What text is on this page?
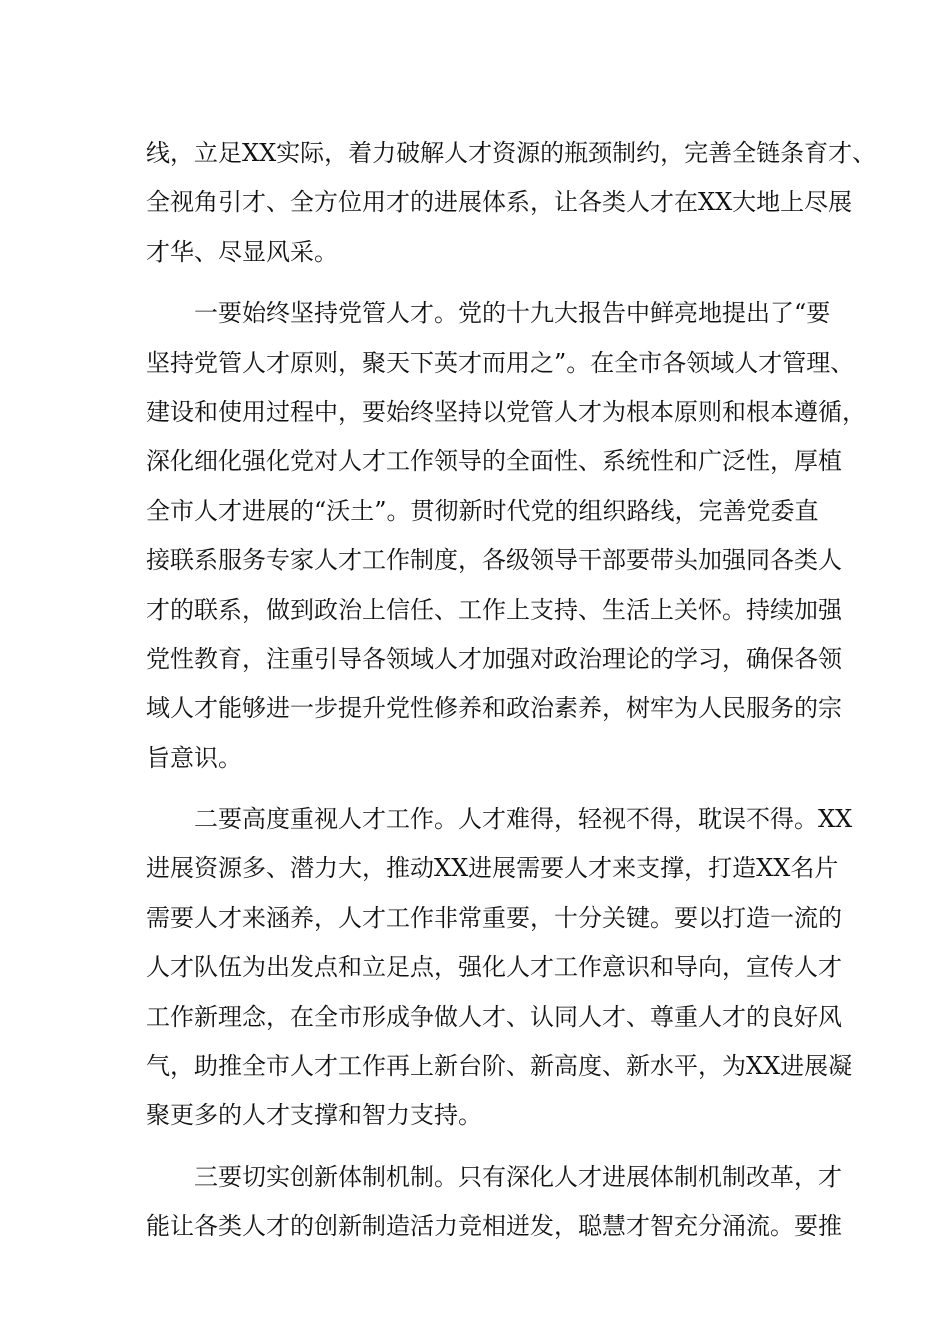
线，立足XX实际，着力破解人才资源的瓶颈制约，完善全链条育才、
全视角引才、全方位用才的进展体系，让各类人才在XX大地上尽展
才华、尽显风采。
一要始终坚持党管人才。党的十九大报告中鲜亮地提出了“要
坚持党管人才原则，聚天下英才而用之”。在全市各领域人才管理、
建设和使用过程中，要始终坚持以党管人才为根本原则和根本遵循，
深化细化强化党对人才工作领导的全面性、系统性和广泛性，厚植
全市人才进展的“沃土”。贯彻新时代党的组织路线，完善党委直
接联系服务专家人才工作制度，各级领导干部要带头加强同各类人
才的联系，做到政治上信任、工作上支持、生活上关怀。持续加强
党性教育，注重引导各领域人才加强对政治理论的学习，确保各领
域人才能够进一步提升党性修养和政治素养，树牢为人民服务的宗
旨意识。
二要高度重视人才工作。人才难得，轻视不得，耽误不得。XX
进展资源多、潜力大，推动XX进展需要人才来支撑，打造XX名片
需要人才来涵养，人才工作非常重要，十分关键。要以打造一流的
人才队伍为出发点和立足点，强化人才工作意识和导向，宣传人才
工作新理念，在全市形成争做人才、认同人才、尊重人才的良好风
气，助推全市人才工作再上新台阶、新高度、新水平，为XX进展凝
聚更多的人才支撑和智力支持。
三要切实创新体制机制。只有深化人才进展体制机制改革，才
能让各类人才的创新制造活力竞相迸发，聪慧才智充分涌流。要推
